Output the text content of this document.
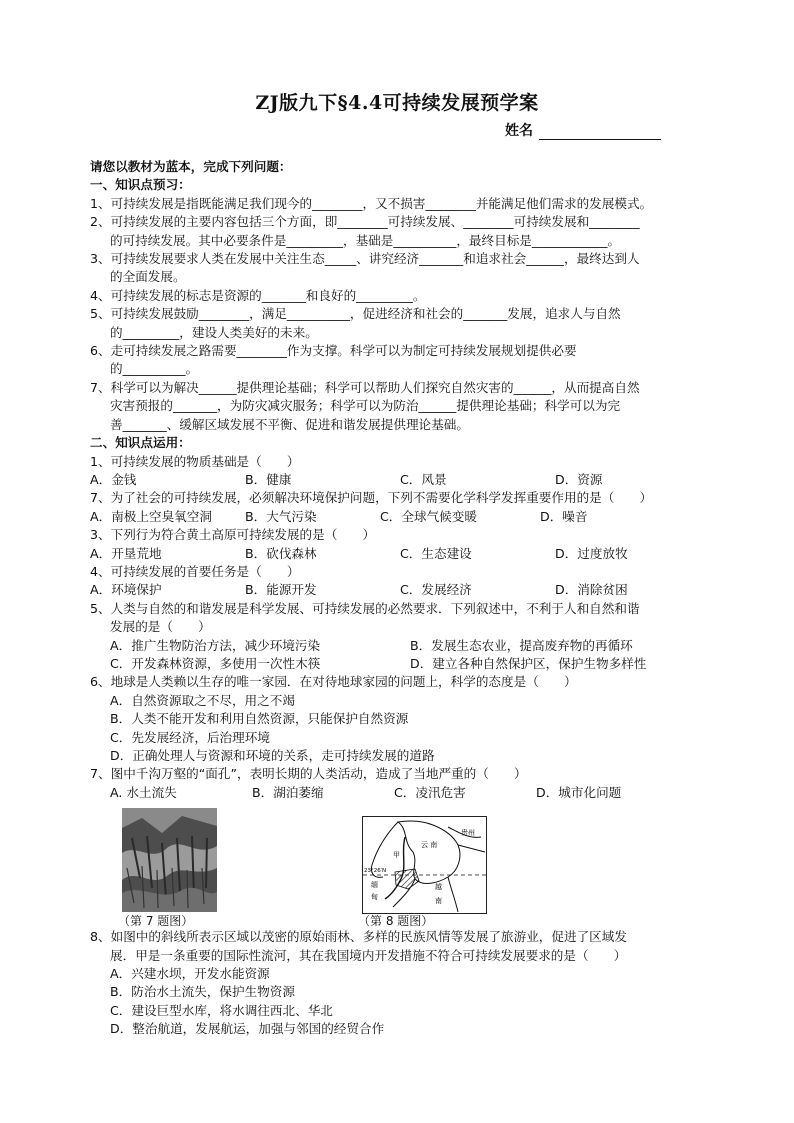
ZJ版九下§4.4可持续发展预学案
姓名

请您以教材为蓝本，完成下列问题：

一、知识点预习：

1、可持续发展是指既能满足我们现今的________，又不损害________并能满足他们需求的发展模式。

2、可持续发展的主要内容包括三个方面，即________可持续发展、________可持续发展和________

的可持续发展。其中必要条件是_________，基础是__________，最终目标是____________。

3、可持续发展要求人类在发展中关注生态_____、讲究经济_______和追求社会______，最终达到人

的全面发展。

4、可持续发展的标志是资源的_______和良好的_________。

5、可持续发展鼓励________，满足__________，促进经济和社会的_______发展，追求人与自然

的_________，建设人类美好的未来。

6、走可持续发展之路需要________作为支撑。科学可以为制定可持续发展规划提供必要

的__________。

7、科学可以为解决______提供理论基础；科学可以帮助人们探究自然灾害的______，从而提高自然

灾害预报的_______，为防灾减灾服务；科学可以为防治______提供理论基础；科学可以为完

善_______、缓解区域发展不平衡、促进和谐发展提供理论基础。

二、知识点运用：

1、可持续发展的物质基础是（　　）

A．金钱	B．健康	C．风景	D．资源

7、为了社会的可持续发展，必须解决环境保护问题，下列不需要化学科学发挥重要作用的是（　　）

A．南极上空臭氧空洞	B．大气污染	C．全球气候变暖	D．噪音

3、下列行为符合黄土高原可持续发展的是（　　）

A．开垦荒地	B．砍伐森林	C．生态建设	D．过度放牧

4、可持续发展的首要任务是（　　）

A．环境保护	B．能源开发	C．发展经济	D．消除贫困

5、人类与自然的和谐发展是科学发展、可持续发展的必然要求．下列叙述中，不利于人和自然和谐

发展的是（　　）

A．推广生物防治方法，减少环境污染	B．发展生态农业，提高废弃物的再循环
C．开发森林资源，多使用一次性木筷	D．建立各种自然保护区，保护生物多样性

6、地球是人类赖以生存的唯一家园．在对待地球家园的问题上，科学的态度是（　　）

A．自然资源取之不尽，用之不竭

B．人类不能开发和利用自然资源，只能保护自然资源

C．先发展经济，后治理环境

D．正确处理人与资源和环境的关系，走可持续发展的道路

7、图中千沟万壑的“面孔”，表明长期的人类活动，造成了当地严重的（　　）

A. 水土流失	B．湖泊萎缩	C．凌汛危害	D．城市化问题
云 南
贵州
甲
23°26′N
缅
甸
越
南
（第 7 题图）	（第 8 题图）

8、如图中的斜线所表示区域以茂密的原始雨林、多样的民族风情等发展了旅游业，促进了区域发

展．甲是一条重要的国际性流河，其在我国境内开发措施不符合可持续发展要求的是（　　）

A．兴建水坝，开发水能资源

B．防治水土流失，保护生物资源

C．建设巨型水库，将水调往西北、华北

D．整治航道，发展航运，加强与邻国的经贸合作
